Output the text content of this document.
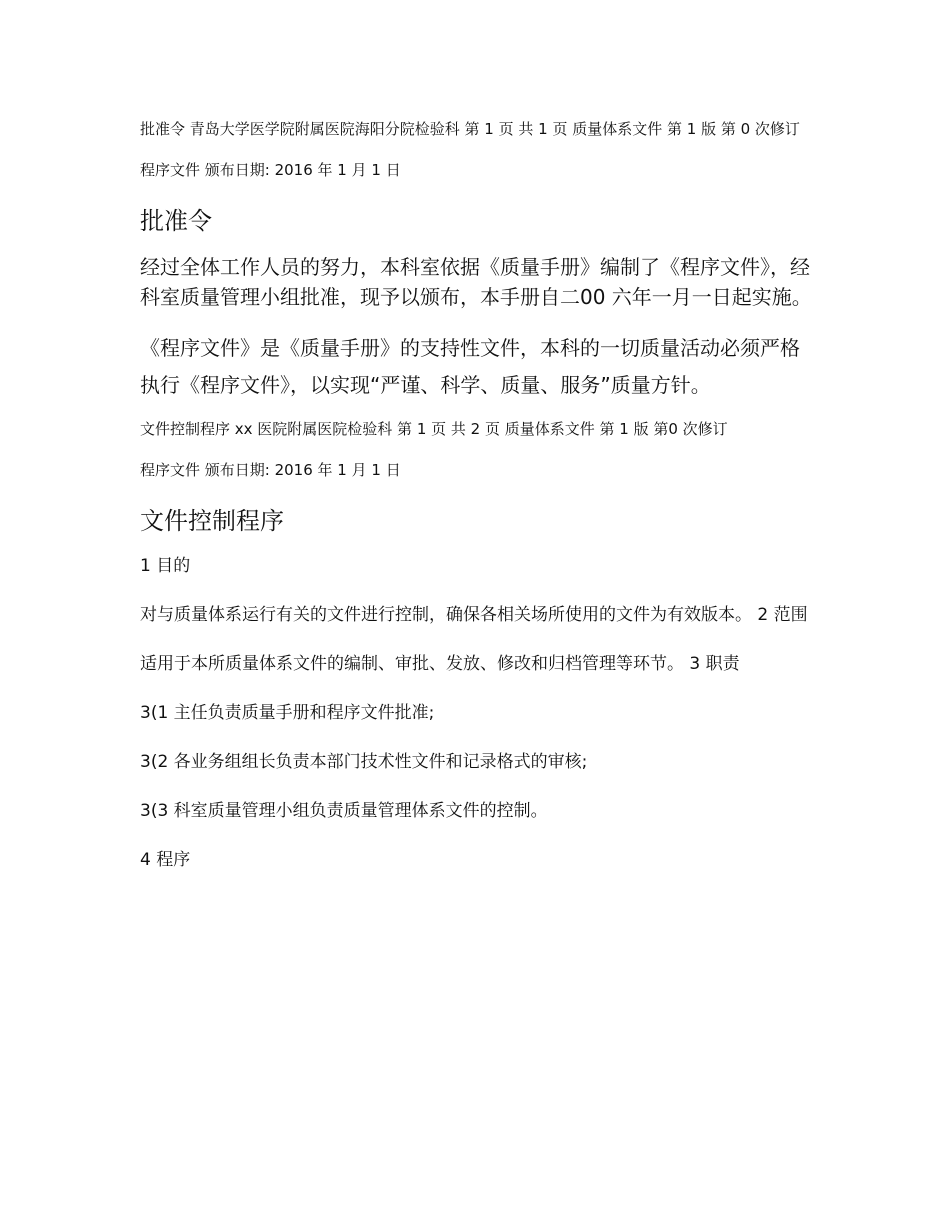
批准令 青岛大学医学院附属医院海阳分院检验科 第 1 页 共 1 页 质量体系文件 第 1 版 第 0 次修订

程序文件 颁布日期: 2016 年 1 月 1 日

批准令

经过全体工作人员的努力，本科室依据《质量手册》编制了《程序文件》，经科室质量管理小组批准，现予以颁布，本手册自二00 六年一月一日起实施。

《程序文件》是《质量手册》的支持性文件，本科的一切质量活动必须严格执行《程序文件》，以实现“严谨、科学、质量、服务”质量方针。

文件控制程序 xx 医院附属医院检验科 第 1 页 共 2 页 质量体系文件 第 1 版 第0 次修订

程序文件 颁布日期: 2016 年 1 月 1 日

文件控制程序

1 目的

对与质量体系运行有关的文件进行控制，确保各相关场所使用的文件为有效版本。 2 范围

适用于本所质量体系文件的编制、审批、发放、修改和归档管理等环节。 3 职责

3(1 主任负责质量手册和程序文件批准;

3(2 各业务组组长负责本部门技术性文件和记录格式的审核;

3(3 科室质量管理小组负责质量管理体系文件的控制。

4 程序
